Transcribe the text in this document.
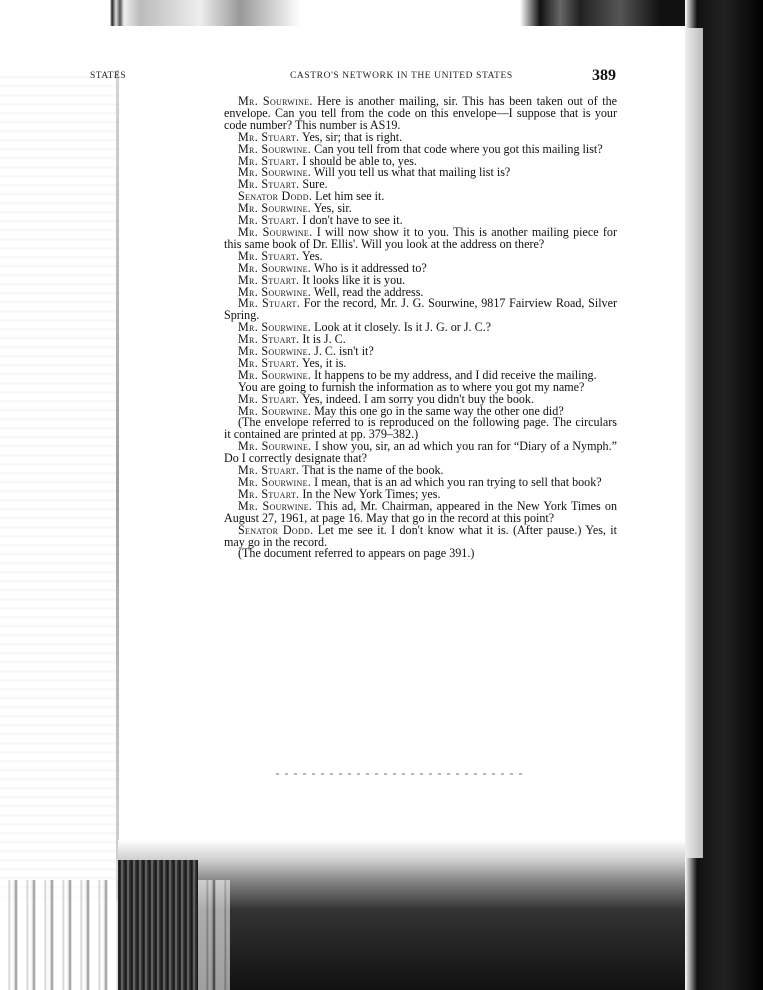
STATES	CASTRO'S NETWORK IN THE UNITED STATES	389

Mr. Sourwine. Here is another mailing, sir. This has been taken out of the envelope. Can you tell from the code on this envelope—I suppose that is your code number? This number is AS19.

Mr. Stuart. Yes, sir; that is right.

Mr. Sourwine. Can you tell from that code where you got this mailing list?

Mr. Stuart. I should be able to, yes.

Mr. Sourwine. Will you tell us what that mailing list is?

Mr. Stuart. Sure.

Senator Dodd. Let him see it.

Mr. Sourwine. Yes, sir.

Mr. Stuart. I don't have to see it.

Mr. Sourwine. I will now show it to you. This is another mailing piece for this same book of Dr. Ellis'. Will you look at the address on there?

Mr. Stuart. Yes.

Mr. Sourwine. Who is it addressed to?

Mr. Stuart. It looks like it is you.

Mr. Sourwine. Well, read the address.

Mr. Stuart. For the record, Mr. J. G. Sourwine, 9817 Fairview Road, Silver Spring.

Mr. Sourwine. Look at it closely. Is it J. G. or J. C.?

Mr. Stuart. It is J. C.

Mr. Sourwine. J. C. isn't it?

Mr. Stuart. Yes, it is.

Mr. Sourwine. It happens to be my address, and I did receive the mailing.

You are going to furnish the information as to where you got my name?

Mr. Stuart. Yes, indeed. I am sorry you didn't buy the book.

Mr. Sourwine. May this one go in the same way the other one did?

(The envelope referred to is reproduced on the following page. The circulars it contained are printed at pp. 379–382.)

Mr. Sourwine. I show you, sir, an ad which you ran for “Diary of a Nymph.” Do I correctly designate that?

Mr. Stuart. That is the name of the book.

Mr. Sourwine. I mean, that is an ad which you ran trying to sell that book?

Mr. Stuart. In the New York Times; yes.

Mr. Sourwine. This ad, Mr. Chairman, appeared in the New York Times on August 27, 1961, at page 16. May that go in the record at this point?

Senator Dodd. Let me see it. I don't know what it is. (After pause.) Yes, it may go in the record.

(The document referred to appears on page 391.)
